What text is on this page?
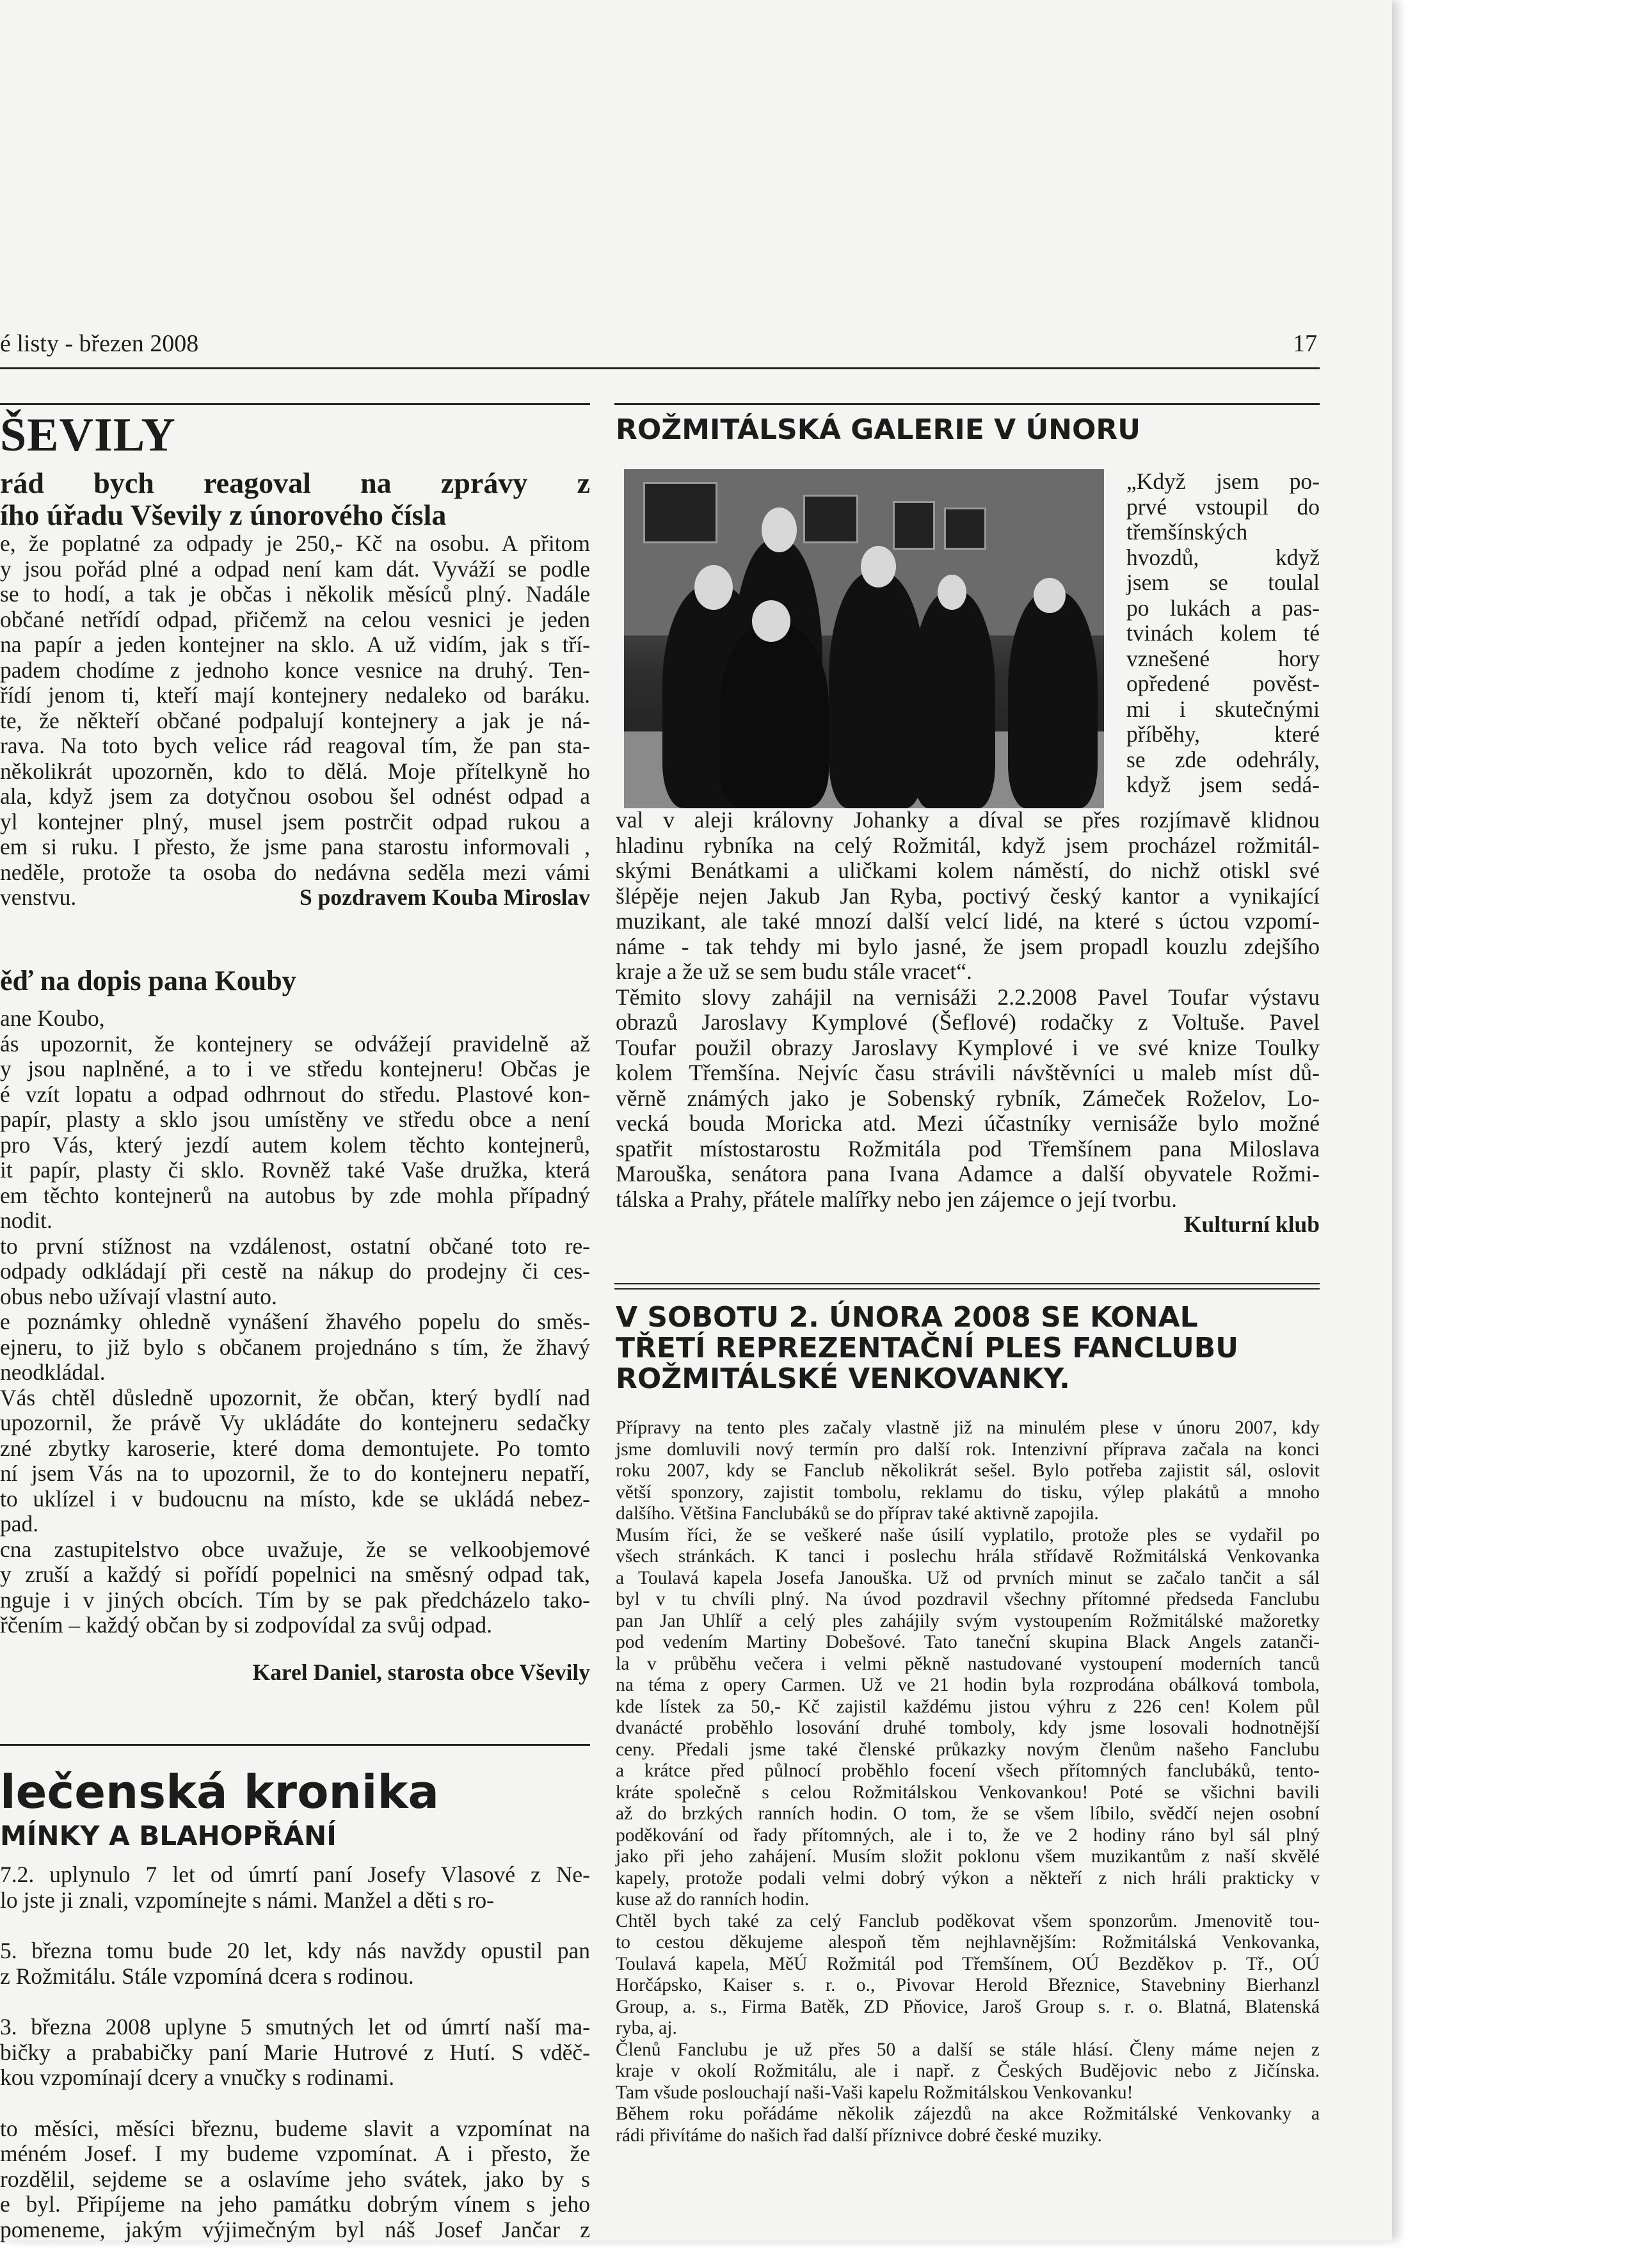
é listy - březen 2008	17
ŠEVILY

rád bych reagoval na zprávy z

ího úřadu Vševily z únorového čísla

e, že poplatné za odpady je 250,- Kč na osobu. A přitom

y jsou pořád plné a odpad není kam dát. Vyváží se podle

se to hodí, a tak je občas i několik měsíců plný. Nadále

občané netřídí odpad, přičemž na celou vesnici je jeden

na papír a jeden kontejner na sklo. A už vidím, jak s tří-

padem chodíme z jednoho konce vesnice na druhý. Ten-

řídí jenom ti, kteří mají kontejnery nedaleko od baráku.

te, že někteří občané podpalují kontejnery a jak je ná-

rava. Na toto bych velice rád reagoval tím, že pan sta-

několikrát upozorněn, kdo to dělá. Moje přítelkyně ho

ala, když jsem za dotyčnou osobou šel odnést odpad a

yl kontejner plný, musel jsem postrčit odpad rukou a

em si ruku. I přesto, že jsme pana starostu informovali ,

neděle, protože ta osoba do nedávna seděla mezi vámi

venstvu.	S pozdravem Kouba Miroslav

ěď na dopis pana Kouby

ane Koubo,

ás upozornit, že kontejnery se odvážejí pravidelně až

y jsou naplněné, a to i ve středu kontejneru! Občas je

é vzít lopatu a odpad odhrnout do středu. Plastové kon-

papír, plasty a sklo jsou umístěny ve středu obce a není

pro Vás, který jezdí autem kolem těchto kontejnerů,

it papír, plasty či sklo. Rovněž také Vaše družka, která

em těchto kontejnerů na autobus by zde mohla případný

nodit.

to první stížnost na vzdálenost, ostatní občané toto re-

odpady odkládají při cestě na nákup do prodejny či ces-

obus nebo užívají vlastní auto.

e poznámky ohledně vynášení žhavého popelu do směs-

ejneru, to již bylo s občanem projednáno s tím, že žhavý

neodkládal.

Vás chtěl důsledně upozornit, že občan, který bydlí nad

upozornil, že právě Vy ukládáte do kontejneru sedačky

zné zbytky karoserie, které doma demontujete. Po tomto

ní jsem Vás na to upozornil, že to do kontejneru nepatří,

to uklízel i v budoucnu na místo, kde se ukládá nebez-

pad.

cna zastupitelstvo obce uvažuje, že se velkoobjemové

y zruší a každý si pořídí popelnici na směsný odpad tak,

nguje i v jiných obcích. Tím by se pak předcházelo tako-

řčením – každý občan by si zodpovídal za svůj odpad.

Karel Daniel, starosta obce Vševily

lečenská kronika
MÍNKY A BLAHOPŘÁNÍ

7.2. uplynulo 7 let od úmrtí paní Josefy Vlasové z Ne-

lo jste ji znali, vzpomínejte s námi. Manžel a děti s ro-

5. března tomu bude 20 let, kdy nás navždy opustil pan

z Rožmitálu. Stále vzpomíná dcera s rodinou.

3. března 2008 uplyne 5 smutných let od úmrtí naší ma-

bičky a prababičky paní Marie Hutrové z Hutí. S vděč-

kou vzpomínají dcery a vnučky s rodinami.

to měsíci, měsíci březnu, budeme slavit a vzpomínat na

méném Josef. I my budeme vzpomínat. A i přesto, že

rozdělil, sejdeme se a oslavíme jeho svátek, jako by s

e byl. Připíjeme na jeho památku dobrým vínem s jeho

pomeneme, jakým výjimečným byl náš Josef Jančar z

ROŽMITÁLSKÁ GALERIE V ÚNORU

„Když jsem po-

prvé vstoupil do

třemšínských

hvozdů, když

jsem se toulal

po lukách a pas-

tvinách kolem té

vznešené hory

opředené pověst-

mi i skutečnými

příběhy, které

se zde odehrály,

když jsem sedá-

val v aleji královny Johanky a díval se přes rozjímavě klidnou

hladinu rybníka na celý Rožmitál, když jsem procházel rožmitál-

skými Benátkami a uličkami kolem náměstí, do nichž otiskl své

šlépěje nejen Jakub Jan Ryba, poctivý český kantor a vynikající

muzikant, ale také mnozí další velcí lidé, na které s úctou vzpomí-

náme - tak tehdy mi bylo jasné, že jsem propadl kouzlu zdejšího

kraje a že už se sem budu stále vracet“.

Těmito slovy zahájil na vernisáži 2.2.2008 Pavel Toufar výstavu

obrazů Jaroslavy Kymplové (Šeflové) rodačky z Voltuše. Pavel

Toufar použil obrazy Jaroslavy Kymplové i ve své knize Toulky

kolem Třemšína. Nejvíc času strávili návštěvníci u maleb míst dů-

věrně známých jako je Sobenský rybník, Zámeček Roželov, Lo-

vecká bouda Moricka atd. Mezi účastníky vernisáže bylo možné

spatřit místostarostu Rožmitála pod Třemšínem pana Miloslava

Marouška, senátora pana Ivana Adamce a další obyvatele Rožmi-

tálska a Prahy, přátele malířky nebo jen zájemce o její tvorbu.

Kulturní klub

V SOBOTU 2. ÚNORA 2008 SE KONAL
TŘETÍ REPREZENTAČNÍ PLES FANCLUBU
ROŽMITÁLSKÉ VENKOVANKY.

Přípravy na tento ples začaly vlastně již na minulém plese v únoru 2007, kdy

jsme domluvili nový termín pro další rok. Intenzivní příprava začala na konci

roku 2007, kdy se Fanclub několikrát sešel. Bylo potřeba zajistit sál, oslovit

větší sponzory, zajistit tombolu, reklamu do tisku, výlep plakátů a mnoho

dalšího. Většina Fanclubáků se do příprav také aktivně zapojila.

Musím říci, že se veškeré naše úsilí vyplatilo, protože ples se vydařil po

všech stránkách. K tanci i poslechu hrála střídavě Rožmitálská Venkovanka

a Toulavá kapela Josefa Janouška. Už od prvních minut se začalo tančit a sál

byl v tu chvíli plný. Na úvod pozdravil všechny přítomné předseda Fanclubu

pan Jan Uhlíř a celý ples zahájily svým vystoupením Rožmitálské mažoretky

pod vedením Martiny Dobešové. Tato taneční skupina Black Angels zatanči-

la v průběhu večera i velmi pěkně nastudované vystoupení moderních tanců

na téma z opery Carmen. Už ve 21 hodin byla rozprodána obálková tombola,

kde lístek za 50,- Kč zajistil každému jistou výhru z 226 cen! Kolem půl

dvanácté proběhlo losování druhé tomboly, kdy jsme losovali hodnotnější

ceny. Předali jsme také členské průkazky novým členům našeho Fanclubu

a krátce před půlnocí proběhlo focení všech přítomných fanclubáků, tento-

kráte společně s celou Rožmitálskou Venkovankou! Poté se všichni bavili

až do brzkých ranních hodin. O tom, že se všem líbilo, svědčí nejen osobní

poděkování od řady přítomných, ale i to, že ve 2 hodiny ráno byl sál plný

jako při jeho zahájení. Musím složit poklonu všem muzikantům z naší skvělé

kapely, protože podali velmi dobrý výkon a někteří z nich hráli prakticky v

kuse až do ranních hodin.

Chtěl bych také za celý Fanclub poděkovat všem sponzorům. Jmenovitě tou-

to cestou děkujeme alespoň těm nejhlavnějším: Rožmitálská Venkovanka,

Toulavá kapela, MěÚ Rožmitál pod Třemšínem, OÚ Bezděkov p. Tř., OÚ

Horčápsko, Kaiser s. r. o., Pivovar Herold Březnice, Stavebniny Bierhanzl

Group, a. s., Firma Batěk, ZD Pňovice, Jaroš Group s. r. o. Blatná, Blatenská

ryba, aj.

Členů Fanclubu je už přes 50 a další se stále hlásí. Členy máme nejen z

kraje v okolí Rožmitálu, ale i např. z Českých Budějovic nebo z Jičínska.

Tam všude poslouchají naši-Vaši kapelu Rožmitálskou Venkovanku!

Během roku pořádáme několik zájezdů na akce Rožmitálské Venkovanky a

rádi přivítáme do našich řad další příznivce dobré české muziky.
